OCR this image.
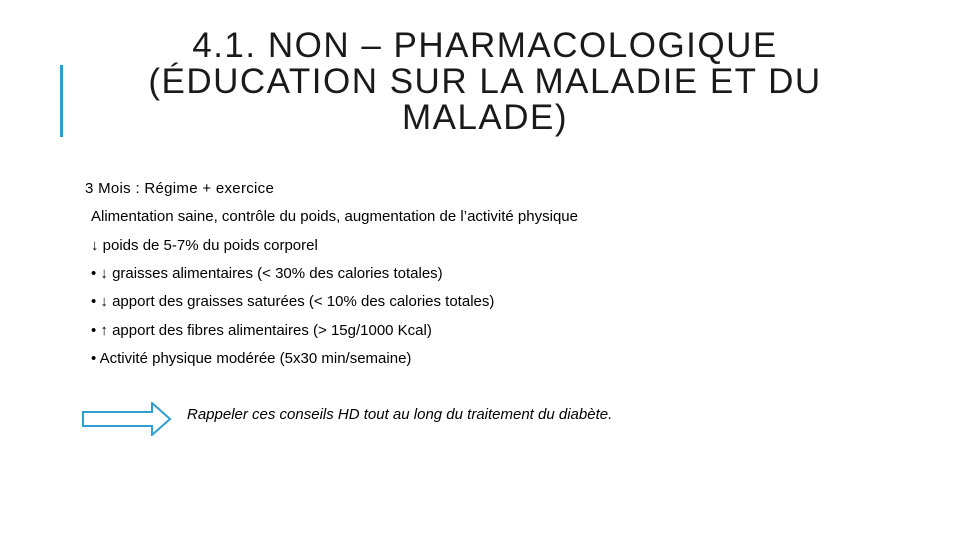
4.1. NON – PHARMACOLOGIQUE
(ÉDUCATION SUR LA MALADIE ET DU
MALADE)
3 Mois : Régime + exercice
Alimentation saine, contrôle du poids, augmentation de l’activité physique
↓ poids de 5-7% du poids corporel
• ↓ graisses alimentaires (< 30% des calories totales)
• ↓ apport des graisses saturées (< 10% des calories totales)
• ↑ apport des fibres alimentaires (> 15g/1000 Kcal)
• Activité physique modérée (5x30 min/semaine)
Rappeler ces conseils HD tout au long du traitement du diabète.
